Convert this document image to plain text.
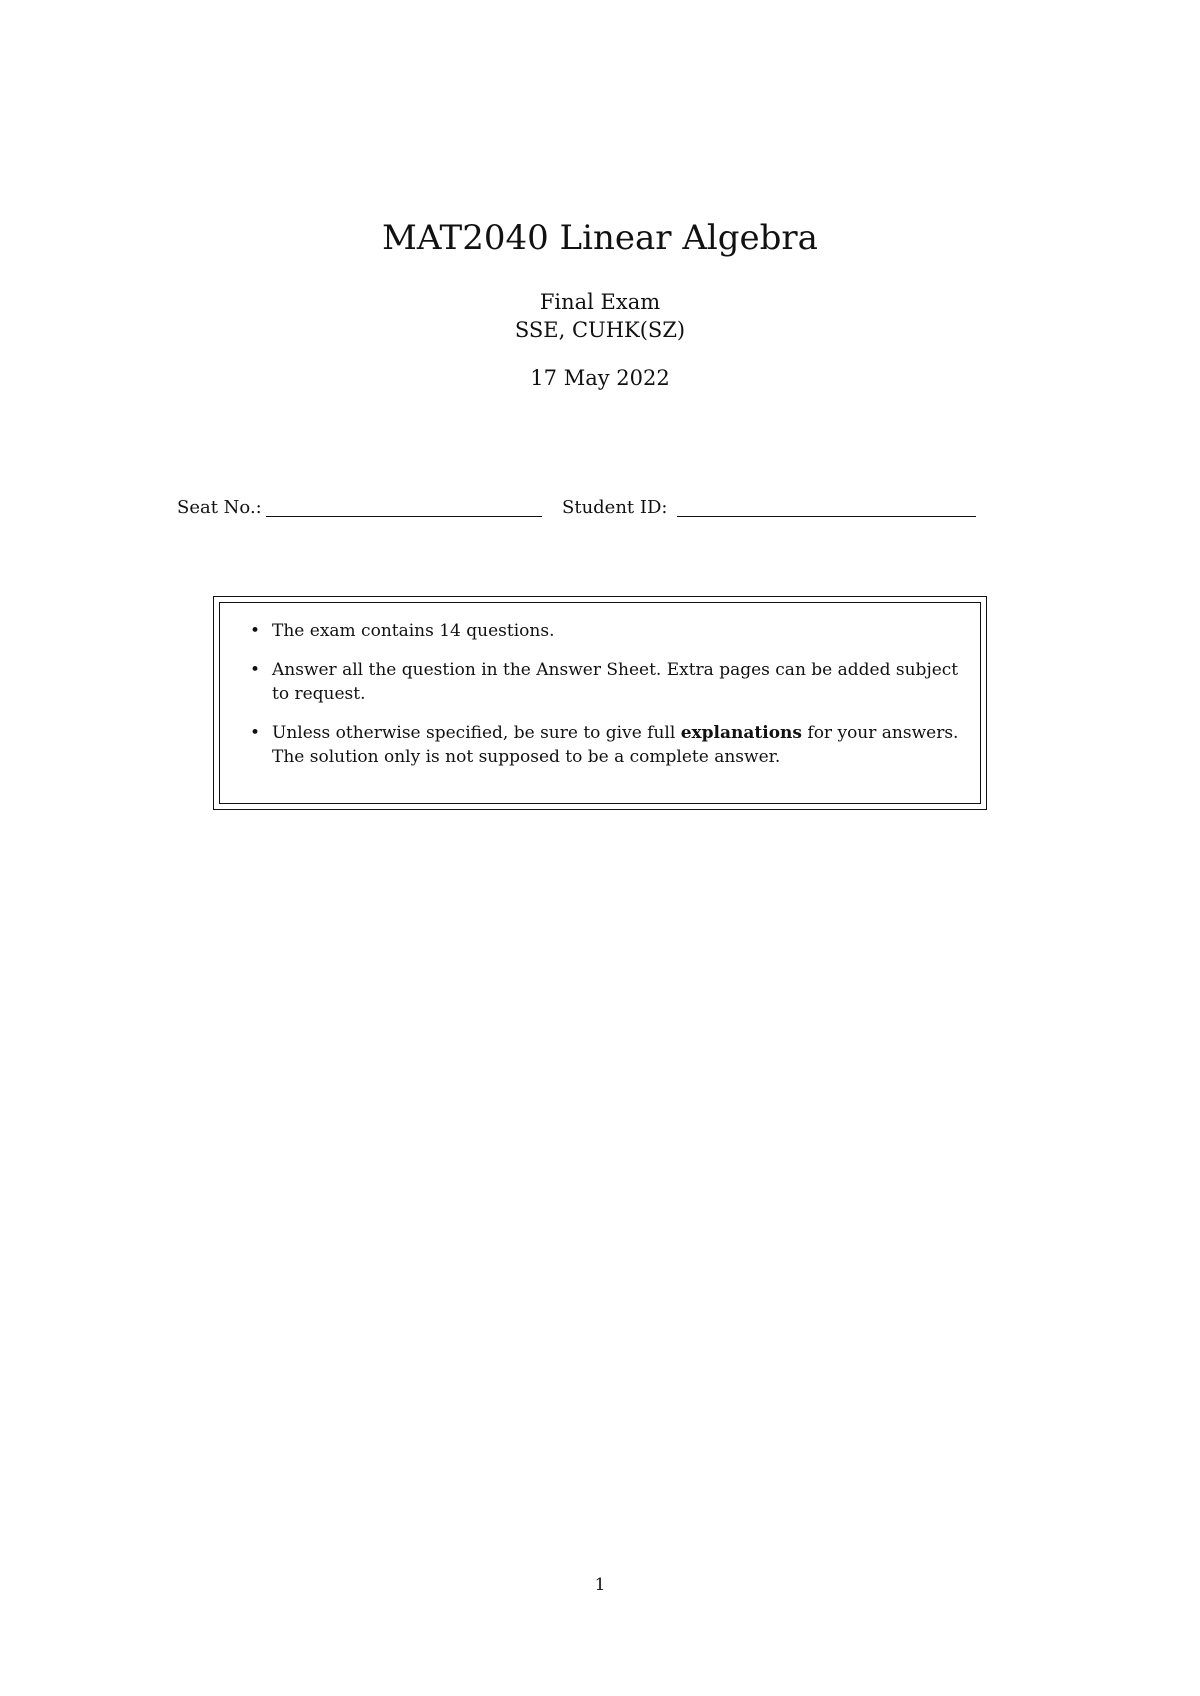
MAT2040 Linear Algebra
Final Exam
SSE, CUHK(SZ)
17 May 2022
Seat No.:	Student ID:
• The exam contains 14 questions.
• Answer all the question in the Answer Sheet. Extra pages can be added subject to request.
• Unless otherwise specified, be sure to give full explanations for your answers. The solution only is not supposed to be a complete answer.
1
